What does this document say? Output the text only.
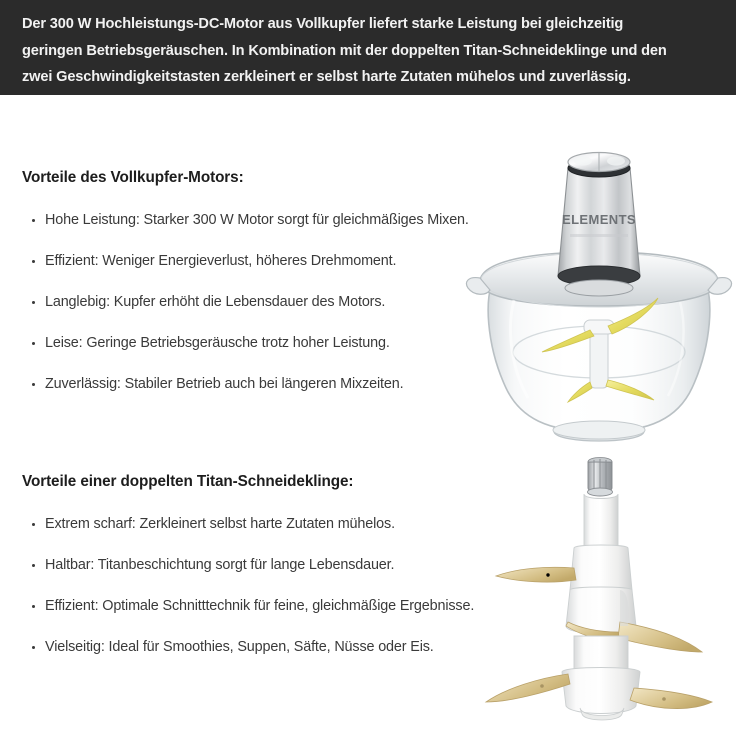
Der 300 W Hochleistungs-DC-Motor aus Vollkupfer liefert starke Leistung bei gleichzeitig
geringen Betriebsgeräuschen. In Kombination mit der doppelten Titan-Schneideklinge und den
zwei Geschwindigkeitstasten zerkleinert er selbst harte Zutaten mühelos und zuverlässig.
Vorteile des Vollkupfer-Motors:
Hohe Leistung: Starker 300 W Motor sorgt für gleichmäßiges Mixen.
Effizient: Weniger Energieverlust, höheres Drehmoment.
Langlebig: Kupfer erhöht die Lebensdauer des Motors.
Leise: Geringe Betriebsgeräusche trotz hoher Leistung.
Zuverlässig: Stabiler Betrieb auch bei längeren Mixzeiten.
Vorteile einer doppelten Titan-Schneideklinge:
Extrem scharf: Zerkleinert selbst harte Zutaten mühelos.
Haltbar: Titanbeschichtung sorgt für lange Lebensdauer.
Effizient: Optimale Schnitttechnik für feine, gleichmäßige Ergebnisse.
Vielseitig: Ideal für Smoothies, Suppen, Säfte, Nüsse oder Eis.
ELEMENTS
